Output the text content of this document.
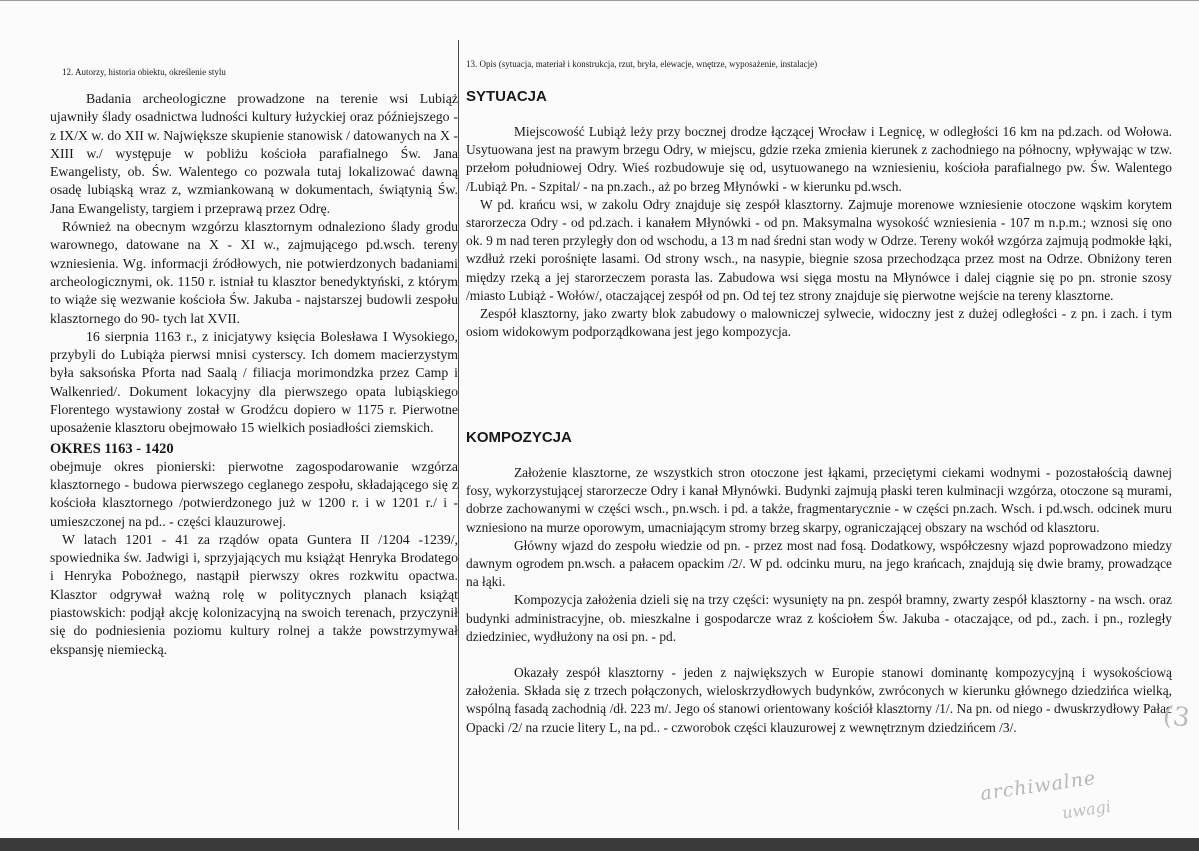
12. Autorzy, historia obiektu, określenie stylu
13. Opis (sytuacja, materiał i konstrukcja, rzut, bryła, elewacje, wnętrze, wyposażenie, instalacje)

Badania archeologiczne prowadzone na terenie wsi Lubiąż ujawniły ślady osadnictwa ludności kultury łużyckiej oraz późniejszego - z IX/X w. do XII w. Największe skupienie stanowisk / datowanych na X - XIII w./ występuje w pobliżu kościoła parafialnego Św. Jana Ewangelisty, ob. Św. Walentego co pozwala tutaj lokalizować dawną osadę lubiąską wraz z, wzmiankowaną w dokumentach, świątynią Św. Jana Ewangelisty, targiem i przeprawą przez Odrę.

Również na obecnym wzgórzu klasztornym odnaleziono ślady grodu warownego, datowane na X - XI w., zajmującego pd.wsch. tereny wzniesienia. Wg. informacji źródłowych, nie potwierdzonych badaniami archeologicznymi, ok. 1150 r. istniał tu klasztor benedyktyński, z którym to wiąże się wezwanie kościoła Św. Jakuba - najstarszej budowli zespołu klasztornego do 90- tych lat XVII.

16 sierpnia 1163 r., z inicjatywy księcia Bolesława I Wysokiego, przybyli do Lubiąża pierwsi mnisi cysterscy. Ich domem macierzystym była saksońska Pforta nad Saalą / filiacja morimondzka przez Camp i Walkenried/. Dokument lokacyjny dla pierwszego opata lubiąskiego Florentego wystawiony został w Grodźcu dopiero w 1175 r. Pierwotne uposażenie klasztoru obejmowało 15 wielkich posiadłości ziemskich.

OKRES 1163 - 1420

obejmuje okres pionierski: pierwotne zagospodarowanie wzgórza klasztornego - budowa pierwszego ceglanego zespołu, składającego się z kościoła klasztornego /potwierdzonego już w 1200 r. i w 1201 r./ i - umieszczonej na pd.. - części klauzurowej.

W latach 1201 - 41 za rządów opata Guntera II /1204 -1239/, spowiednika św. Jadwigi i, sprzyjających mu książąt Henryka Brodatego i Henryka Pobożnego, nastąpił pierwszy okres rozkwitu opactwa. Klasztor odgrywał ważną rolę w politycznych planach książąt piastowskich: podjął akcję kolonizacyjną na swoich terenach, przyczynił się do podniesienia poziomu kultury rolnej a także powstrzymywał ekspansję niemiecką.

SYTUACJA

Miejscowość Lubiąż leży przy bocznej drodze łączącej Wrocław i Legnicę, w odległości 16 km na pd.zach. od Wołowa. Usytuowana jest na prawym brzegu Odry, w miejscu, gdzie rzeka zmienia kierunek z zachodniego na północny, wpływając w tzw. przełom południowej Odry. Wieś rozbudowuje się od, usytuowanego na wzniesieniu, kościoła parafialnego pw. Św. Walentego /Lubiąż Pn. - Szpital/ - na pn.zach., aż po brzeg Młynówki - w kierunku pd.wsch.

W pd. krańcu wsi, w zakolu Odry znajduje się zespół klasztorny. Zajmuje morenowe wzniesienie otoczone wąskim korytem starorzecza Odry - od pd.zach. i kanałem Młynówki - od pn. Maksymalna wysokość wzniesienia - 107 m n.p.m.; wznosi się ono ok. 9 m nad teren przyległy don od wschodu, a 13 m nad średni stan wody w Odrze. Tereny wokół wzgórza zajmują podmokłe łąki, wzdłuż rzeki porośnięte lasami. Od strony wsch., na nasypie, biegnie szosa przechodząca przez most na Odrze. Obniżony teren między rzeką a jej starorzeczem porasta las. Zabudowa wsi sięga mostu na Młynówce i dalej ciągnie się po pn. stronie szosy /miasto Lubiąż - Wołów/, otaczającej zespół od pn. Od tej tez strony znajduje się pierwotne wejście na tereny klasztorne.

Zespół klasztorny, jako zwarty blok zabudowy o malowniczej sylwecie, widoczny jest z dużej odległości - z pn. i zach. i tym osiom widokowym podporządkowana jest jego kompozycja.

KOMPOZYCJA

Założenie klasztorne, ze wszystkich stron otoczone jest łąkami, przeciętymi ciekami wodnymi - pozostałością dawnej fosy, wykorzystującej starorzecze Odry i kanał Młynówki. Budynki zajmują płaski teren kulminacji wzgórza, otoczone są murami, dobrze zachowanymi w części wsch., pn.wsch. i pd. a także, fragmentarycznie - w części pn.zach. Wsch. i pd.wsch. odcinek muru wzniesiono na murze oporowym, umacniającym stromy brzeg skarpy, ograniczającej obszary na wschód od klasztoru.

Główny wjazd do zespołu wiedzie od pn. - przez most nad fosą. Dodatkowy, współczesny wjazd poprowadzono miedzy dawnym ogrodem pn.wsch. a pałacem opackim /2/. W pd. odcinku muru, na jego krańcach, znajdują się dwie bramy, prowadzące na łąki.

Kompozycja założenia dzieli się na trzy części: wysunięty na pn. zespół bramny, zwarty zespół klasztorny - na wsch. oraz budynki administracyjne, ob. mieszkalne i gospodarcze wraz z kościołem Św. Jakuba - otaczające, od pd., zach. i pn., rozległy dziedziniec, wydłużony na osi pn. - pd.

Okazały zespół klasztorny - jeden z największych w Europie stanowi dominantę kompozycyjną i wysokościową założenia. Składa się z trzech połączonych, wieloskrzydłowych budynków, zwróconych w kierunku głównego dziedzińca wielką, wspólną fasadą zachodnią /dł. 223 m/. Jego oś stanowi orientowany kościół klasztorny /1/. Na pn. od niego - dwuskrzydłowy Pałac Opacki /2/ na rzucie litery L, na pd.. - czworobok części klauzurowej z wewnętrznym dziedzińcem /3/.	(3
archiwalne
uwagi
